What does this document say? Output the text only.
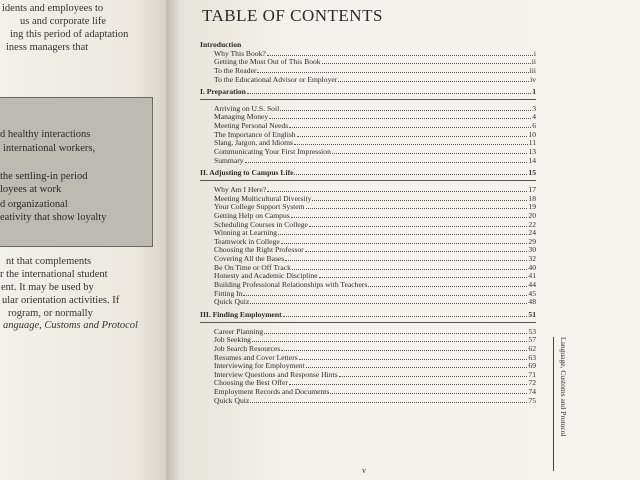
idents and employees to

us and corporate life

ing this period of adaptation

iness managers that

d healthy interactions

international workers,

the settling-in period

loyees at work

d organizational

eativity that show loyalty

nt that complements

r the international student

ent. It may be used by

ular orientation activities. If

rogram, or normally

anguage, Customs and Protocol

TABLE OF CONTENTS
Introduction
Why This Book?	i
Getting the Most Out of This Book	ii
To the Reader	iii
To the Educational Advisor or Employer	iv
I. Preparation	1
Arriving on U.S. Soil	3
Managing Money	4
Meeting Personal Needs	6
The Importance of English	10
Slang, Jargon, and Idioms	11
Communicating Your First Impression	13
Summary	14
II. Adjusting to Campus Life	15
Why Am I Here?	17
Meeting Multicultural Diversity	18
Your College Support System	19
Getting Help on Campus	20
Scheduling Courses in College	22
Winning at Learning	24
Teamwork in College	29
Choosing the Right Professor	30
Covering All the Bases	32
Be On Time or Off Track	40
Honesty and Academic Discipline	41
Building Professional Relationships with Teachers	44
Fitting In	45
Quick Quiz	48
III. Finding Employment	51
Career Planning	53
Job Seeking	57
Job Search Resources	62
Resumes and Cover Letters	63
Interviewing for Employment	69
Interview Questions and Response Hints	71
Choosing the Best Offer	72
Employment Records and Documents	74
Quick Quiz	75	Language, Customs and Protocol
v
